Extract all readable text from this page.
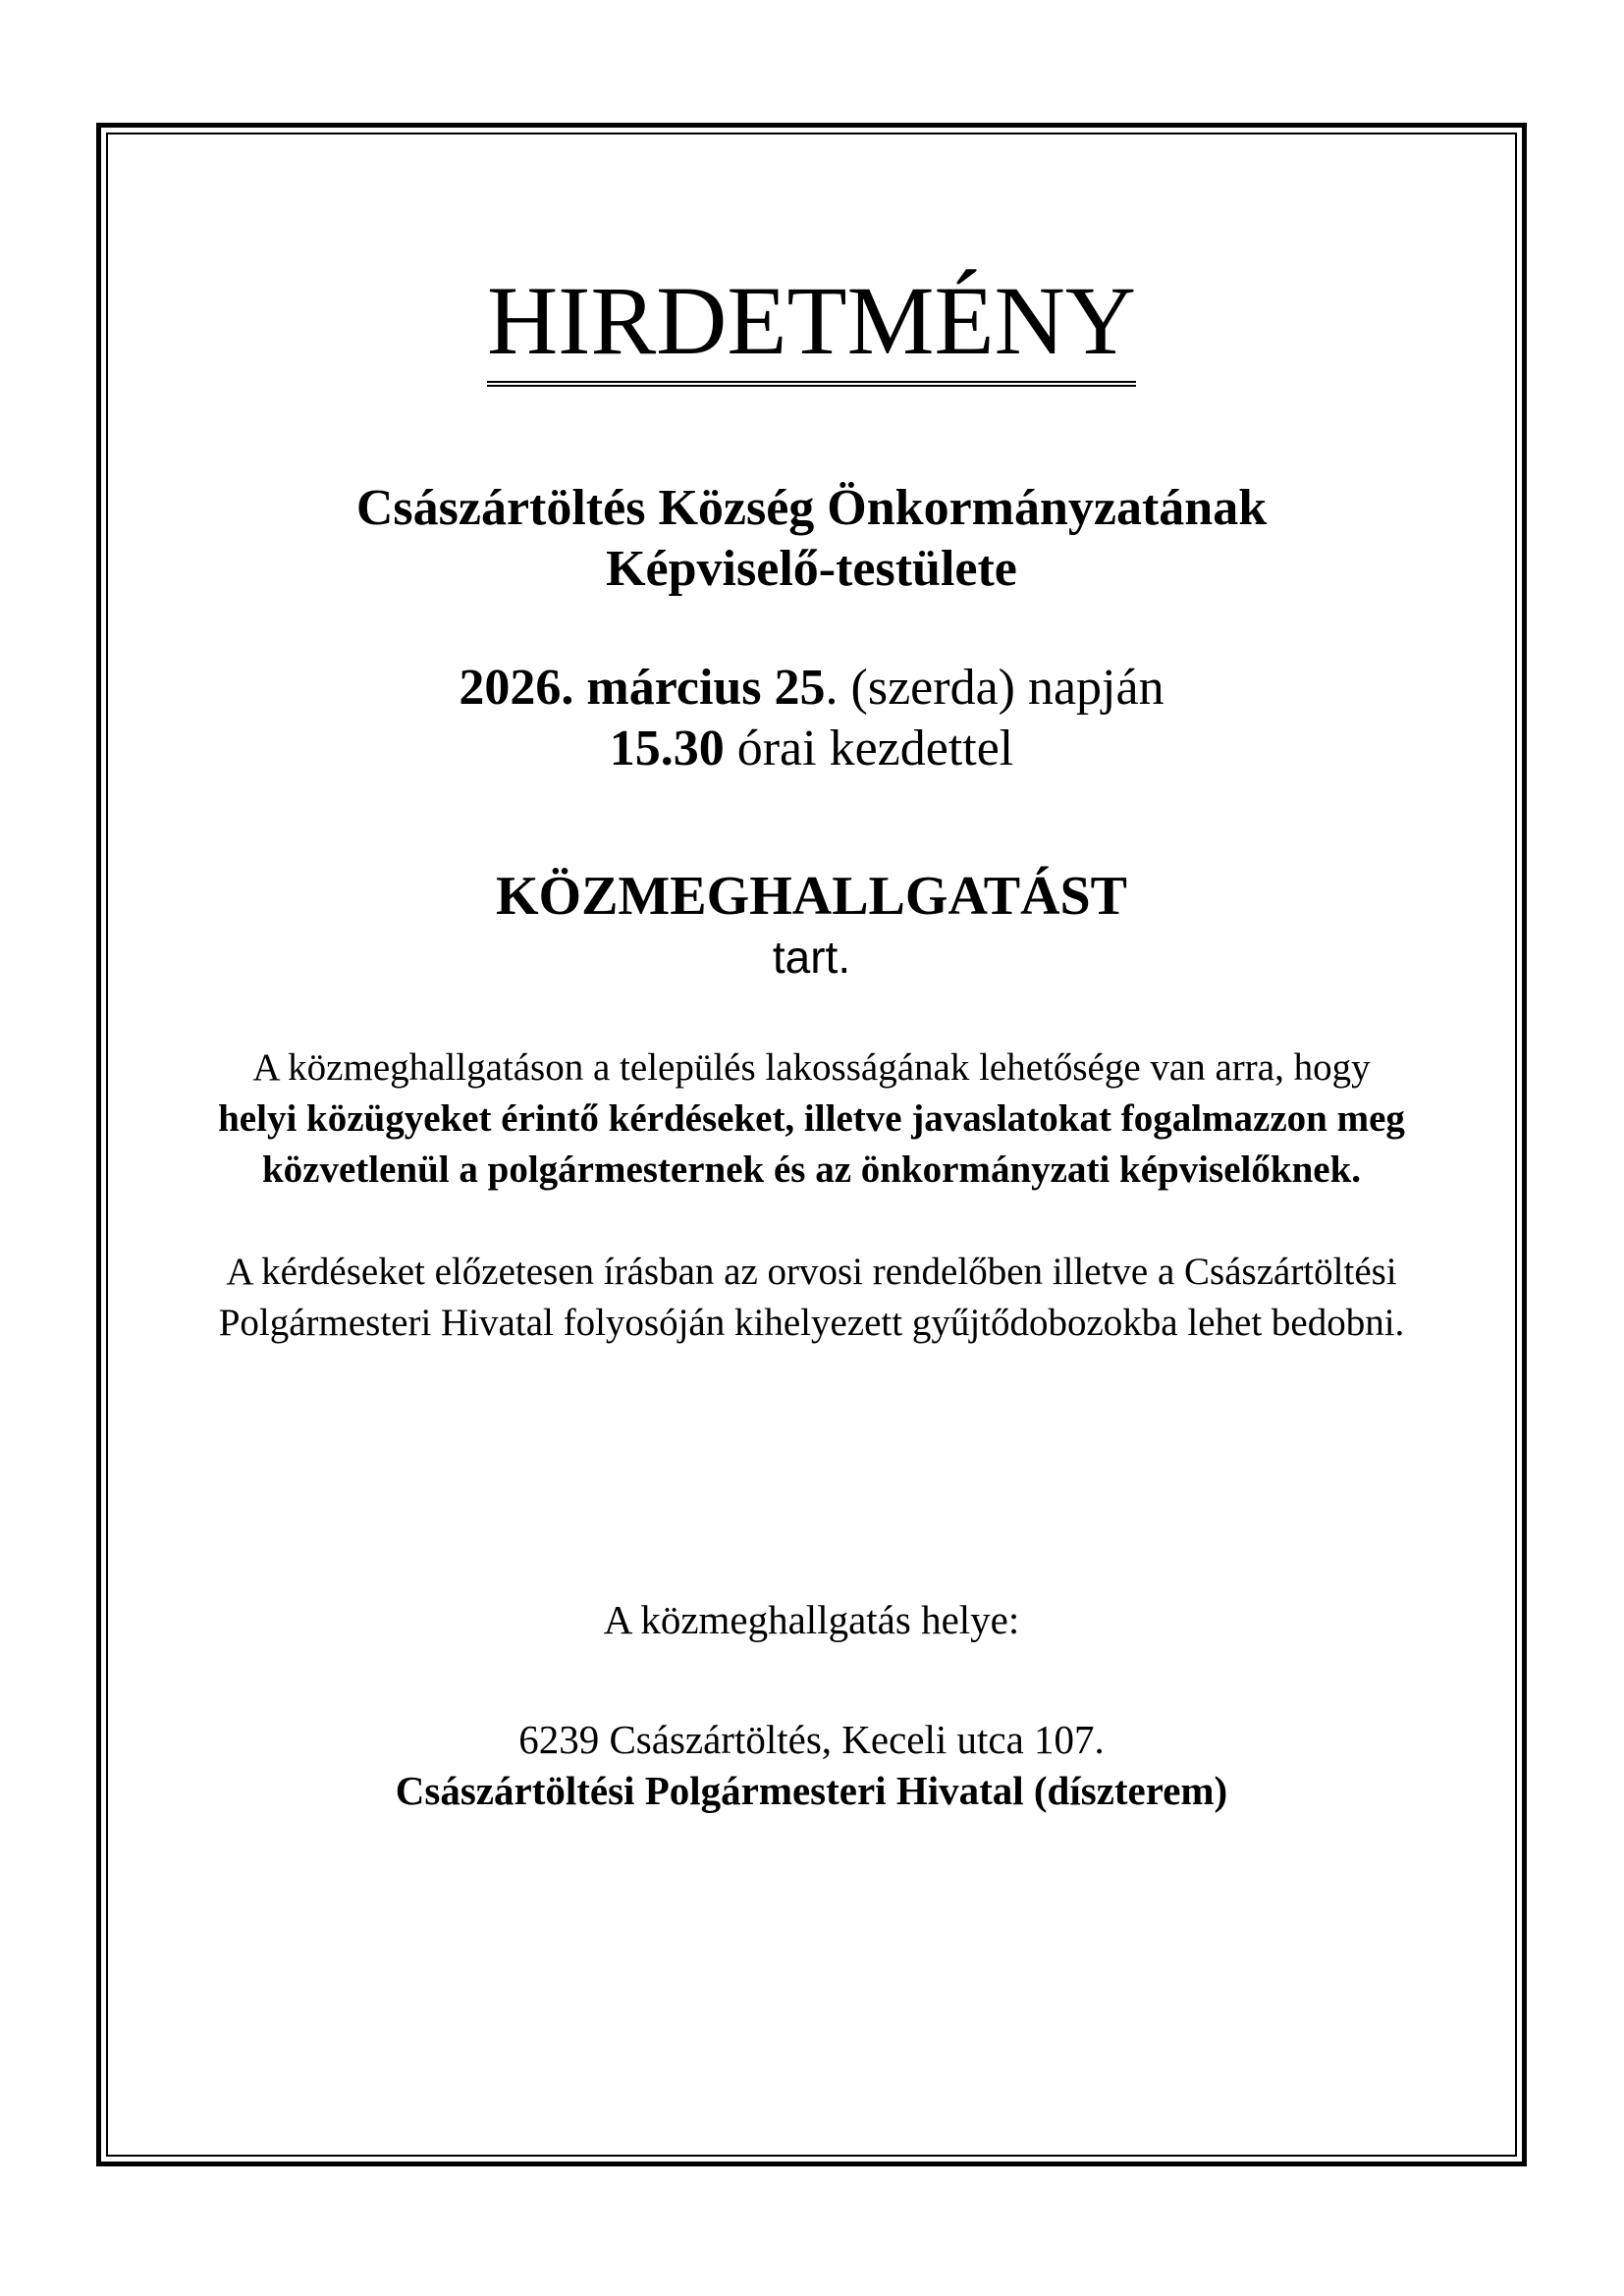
HIRDETMÉNY
Császártöltés Község Önkormányzatának
Képviselő-testülete
2026. március 25. (szerda) napján
15.30 órai kezdettel
KÖZMEGHALLGATÁST
tart.
A közmeghallgatáson a település lakosságának lehetősége van arra, hogy
helyi közügyeket érintő kérdéseket, illetve javaslatokat fogalmazzon meg
közvetlenül a polgármesternek és az önkormányzati képviselőknek.
A kérdéseket előzetesen írásban az orvosi rendelőben illetve a Császártöltési
Polgármesteri Hivatal folyosóján kihelyezett gyűjtődobozokba lehet bedobni.
A közmeghallgatás helye:
6239 Császártöltés, Keceli utca 107.
Császártöltési Polgármesteri Hivatal (díszterem)
